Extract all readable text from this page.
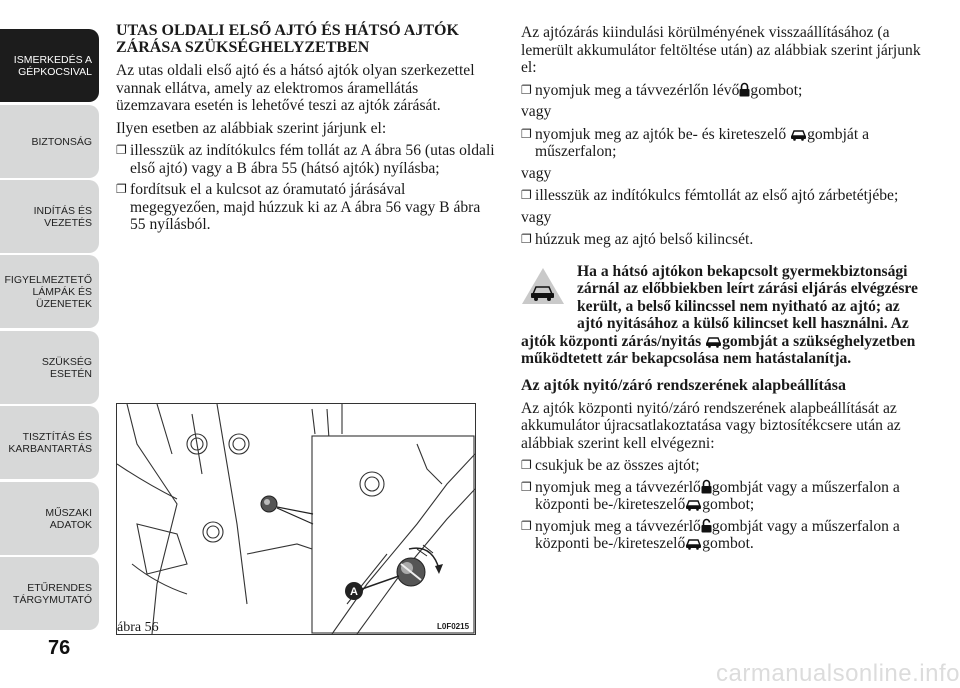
ISMERKEDÉS A
GÉPKOCSIVAL
BIZTONSÁG
INDÍTÁS ÉS
VEZETÉS
FIGYELMEZTETŐ
LÁMPÁK ÉS
ÜZENETEK
SZÜKSÉG ESETÉN
TISZTÍTÁS ÉS
KARBANTARTÁS
MŰSZAKI ADATOK
ETŰRENDES
TÁRGYMUTATÓ
76

UTAS OLDALI ELSŐ AJTÓ ÉS HÁTSÓ AJTÓK ZÁRÁSA SZÜKSÉGHELYZETBEN

Az utas oldali első ajtó és a hátsó ajtók olyan szerkezettel vannak ellátva, amely az elektromos áramellátás üzemzavara esetén is lehetővé teszi az ajtók zárását.

Ilyen esetben az alábbiak szerint járjunk el:

❐ illesszük az indítókulcs fém tollát az A ábra 56 (utas oldali első ajtó) vagy a B ábra 55 (hátsó ajtók) nyílásba;
❐ fordítsuk el a kulcsot az óramutató járásával megegyezően, majd húzzuk ki az A ábra 56 vagy B ábra 55 nyílásból.
A
ábra 56	L0F0215

Az ajtózárás kiindulási körülményének visszaállításához (a lemerült akkumulátor feltöltése után) az alábbiak szerint járjunk el:

❐ nyomjuk meg a távvezérlőn lévő gombot;

vagy

❐ nyomjuk meg az ajtók be- és kireteszelő gombját a műszerfalon;

vagy

❐ illesszük az indítókulcs fémtollát az első ajtó zárbetétjébe;

vagy

❐ húzzuk meg az ajtó belső kilincsét.

Ha a hátsó ajtókon bekapcsolt gyermekbiztonsági zárnál az előbbiekben leírt zárási eljárás elvégzésre került, a belső kilincssel nem nyitható az ajtó; az ajtó nyitásához a külső kilincset kell használni. Az ajtók központi zárás/nyitás gombját a szükséghelyzetben működtetett zár bekapcsolása nem hatástalanítja.

Az ajtók nyitó/záró rendszerének alapbeállítása

Az ajtók központi nyitó/záró rendszerének alapbeállítását az akkumulátor újracsatlakoztatása vagy biztosítékcsere után az alábbiak szerint kell elvégezni:

❐ csukjuk be az összes ajtót;
❐ nyomjuk meg a távvezérlő gombját vagy a műszerfalon a központi be-/kireteszelő gombot;
❐ nyomjuk meg a távvezérlő gombját vagy a műszerfalon a központi be-/kireteszelő gombot.
carmanualsonline.info
